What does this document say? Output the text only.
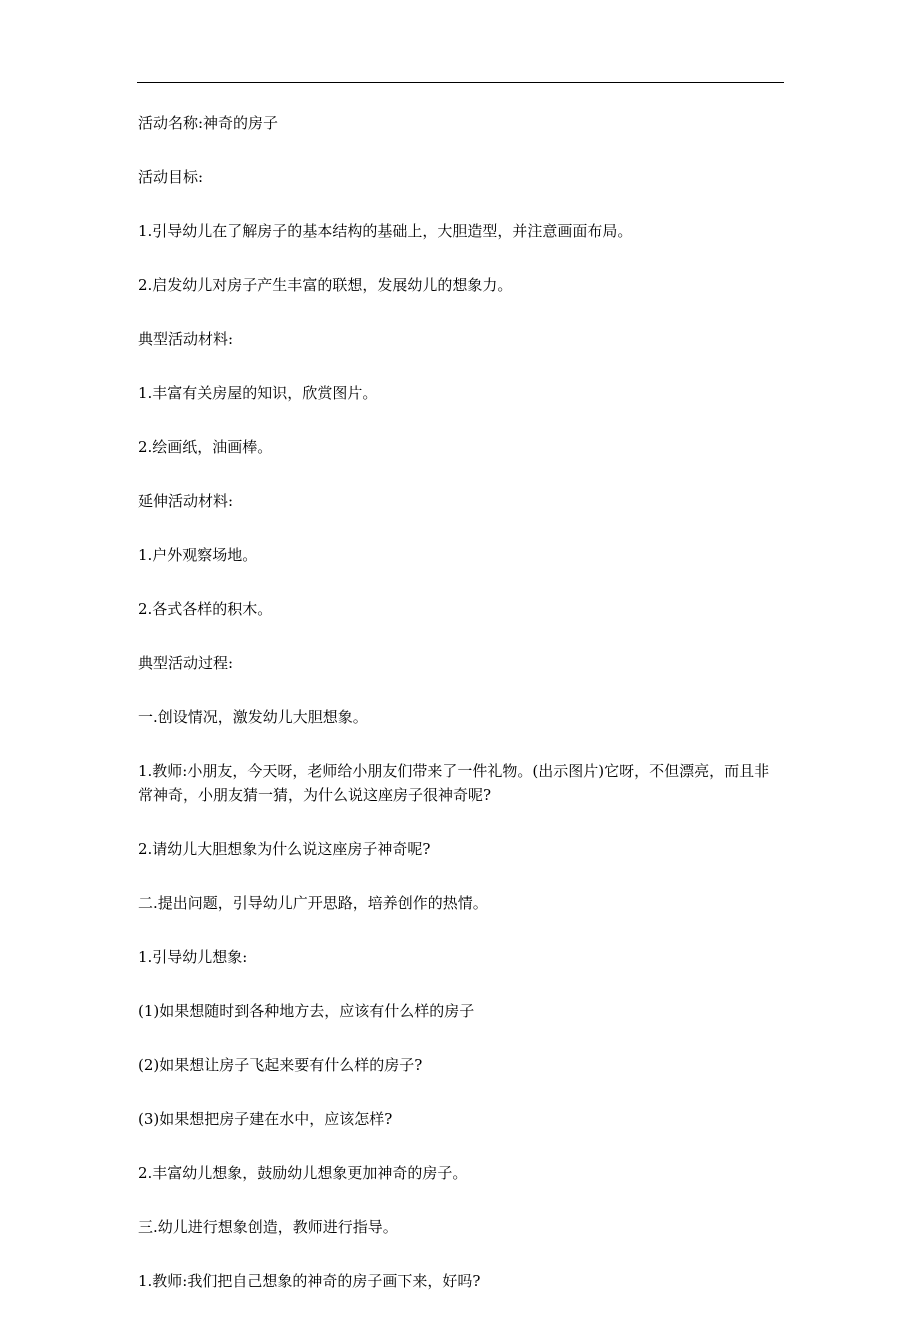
活动名称:神奇的房子

活动目标:

1.引导幼儿在了解房子的基本结构的基础上，大胆造型，并注意画面布局。

2.启发幼儿对房子产生丰富的联想，发展幼儿的想象力。

典型活动材料:

1.丰富有关房屋的知识，欣赏图片。

2.绘画纸，油画棒。

延伸活动材料:

1.户外观察场地。

2.各式各样的积木。

典型活动过程:

一.创设情况，激发幼儿大胆想象。

1.教师:小朋友，今天呀，老师给小朋友们带来了一件礼物。(出示图片)它呀，不但漂亮，而且非常神奇，小朋友猜一猜，为什么说这座房子很神奇呢?

2.请幼儿大胆想象为什么说这座房子神奇呢?

二.提出问题，引导幼儿广开思路，培养创作的热情。

1.引导幼儿想象:

(1)如果想随时到各种地方去，应该有什么样的房子

(2)如果想让房子飞起来要有什么样的房子?

(3)如果想把房子建在水中，应该怎样?

2.丰富幼儿想象，鼓励幼儿想象更加神奇的房子。

三.幼儿进行想象创造，教师进行指导。

1.教师:我们把自己想象的神奇的房子画下来，好吗?
